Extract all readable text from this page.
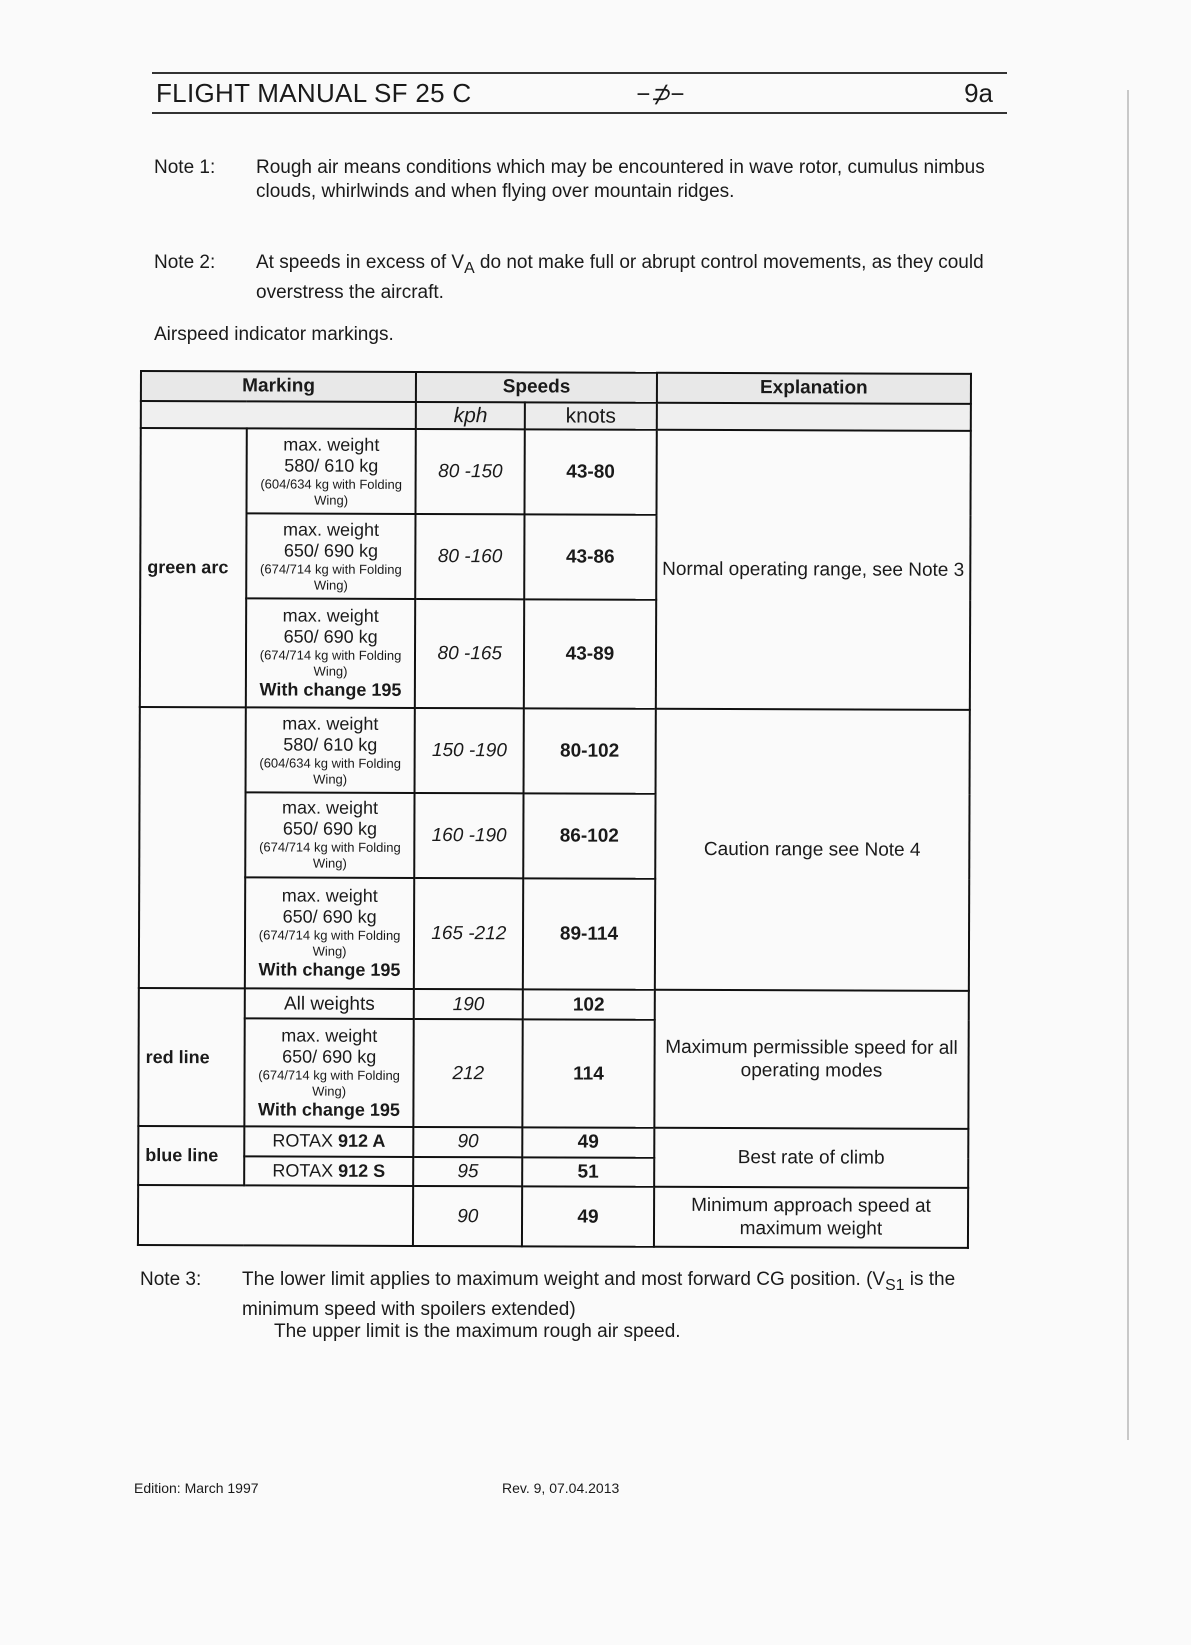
FLIGHT MANUAL SF 25 C	−⊅−	9a
Note 1: Rough air means conditions which may be encountered in wave rotor, cumulus nimbus clouds, whirlwinds and when flying over mountain ridges.
Note 2: At speeds in excess of $V_A$ do not make full or abrupt control movements, as they could overstress the aircraft.
Airspeed indicator markings.
Marking		Speeds		Explanation
		kph	knots	
green arc	max. weight
580/ 610 kg
(604/634 kg with Folding Wing)	80 -150	43-80	Normal operating range, see Note 3

	max. weight
650/ 690 kg
(674/714 kg with Folding Wing)	80 -160	43-86	

	max. weight
650/ 690 kg
(674/714 kg with Folding Wing)
With change 195	80 -165	43-89	

	max. weight
580/ 610 kg
(604/634 kg with Folding Wing)	150 -190	80-102	Caution range see Note 4

	max. weight
650/ 690 kg
(674/714 kg with Folding Wing)	160 -190	86-102	

	max. weight
650/ 690 kg
(674/714 kg with Folding Wing)
With change 195	165 -212	89-114	
red line	All weights	190	102	Maximum permissible speed for all operating modes

	max. weight
650/ 690 kg
(674/714 kg with Folding Wing)
With change 195	212	114	
blue line	ROTAX 912 A	90	49	Best rate of climb
	ROTAX 912 S	95	51	
		90	49	Minimum approach speed at maximum weight
Note 3: The lower limit applies to maximum weight and most forward CG position. ($V_{S1}$ is the minimum speed with spoilers extended)
The upper limit is the maximum rough air speed.
Edition: March 1997	Rev. 9, 07.04.2013
